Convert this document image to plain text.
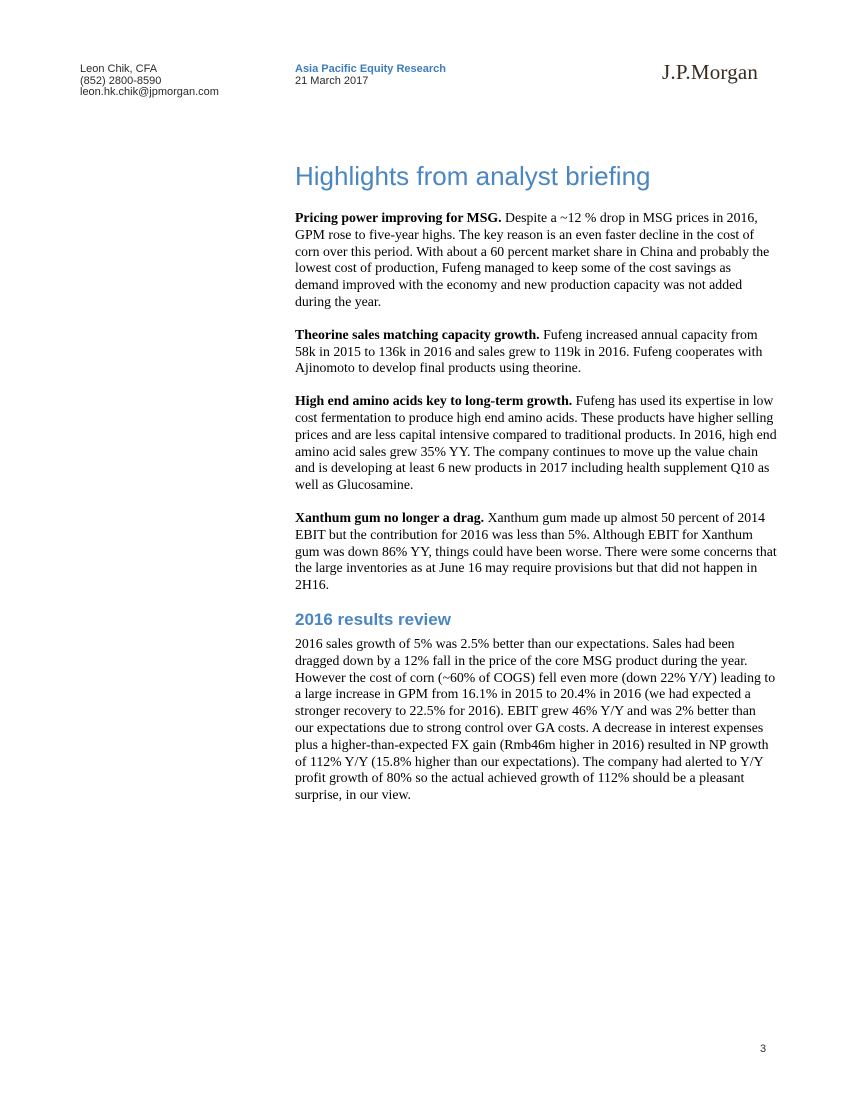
Leon Chik, CFA
(852) 2800-8590
leon.hk.chik@jpmorgan.com
Asia Pacific Equity Research
21 March 2017	J.P.Morgan
Highlights from analyst briefing

Pricing power improving for MSG. Despite a ~12 % drop in MSG prices in 2016, GPM rose to five-year highs. The key reason is an even faster decline in the cost of corn over this period. With about a 60 percent market share in China and probably the lowest cost of production, Fufeng managed to keep some of the cost savings as demand improved with the economy and new production capacity was not added during the year.

Theorine sales matching capacity growth. Fufeng increased annual capacity from 58k in 2015 to 136k in 2016 and sales grew to 119k in 2016. Fufeng cooperates with Ajinomoto to develop final products using theorine.

High end amino acids key to long-term growth. Fufeng has used its expertise in low cost fermentation to produce high end amino acids. These products have higher selling prices and are less capital intensive compared to traditional products. In 2016, high end amino acid sales grew 35% YY. The company continues to move up the value chain and is developing at least 6 new products in 2017 including health supplement Q10 as well as Glucosamine.

Xanthum gum no longer a drag. Xanthum gum made up almost 50 percent of 2014 EBIT but the contribution for 2016 was less than 5%. Although EBIT for Xanthum gum was down 86% YY, things could have been worse. There were some concerns that the large inventories as at June 16 may require provisions but that did not happen in 2H16.

2016 results review

2016 sales growth of 5% was 2.5% better than our expectations. Sales had been dragged down by a 12% fall in the price of the core MSG product during the year. However the cost of corn (~60% of COGS) fell even more (down 22% Y/Y) leading to a large increase in GPM from 16.1% in 2015 to 20.4% in 2016 (we had expected a stronger recovery to 22.5% for 2016). EBIT grew 46% Y/Y and was 2% better than our expectations due to strong control over GA costs. A decrease in interest expenses plus a higher-than-expected FX gain (Rmb46m higher in 2016) resulted in NP growth of 112% Y/Y (15.8% higher than our expectations). The company had alerted to Y/Y profit growth of 80% so the actual achieved growth of 112% should be a pleasant surprise, in our view.

3
